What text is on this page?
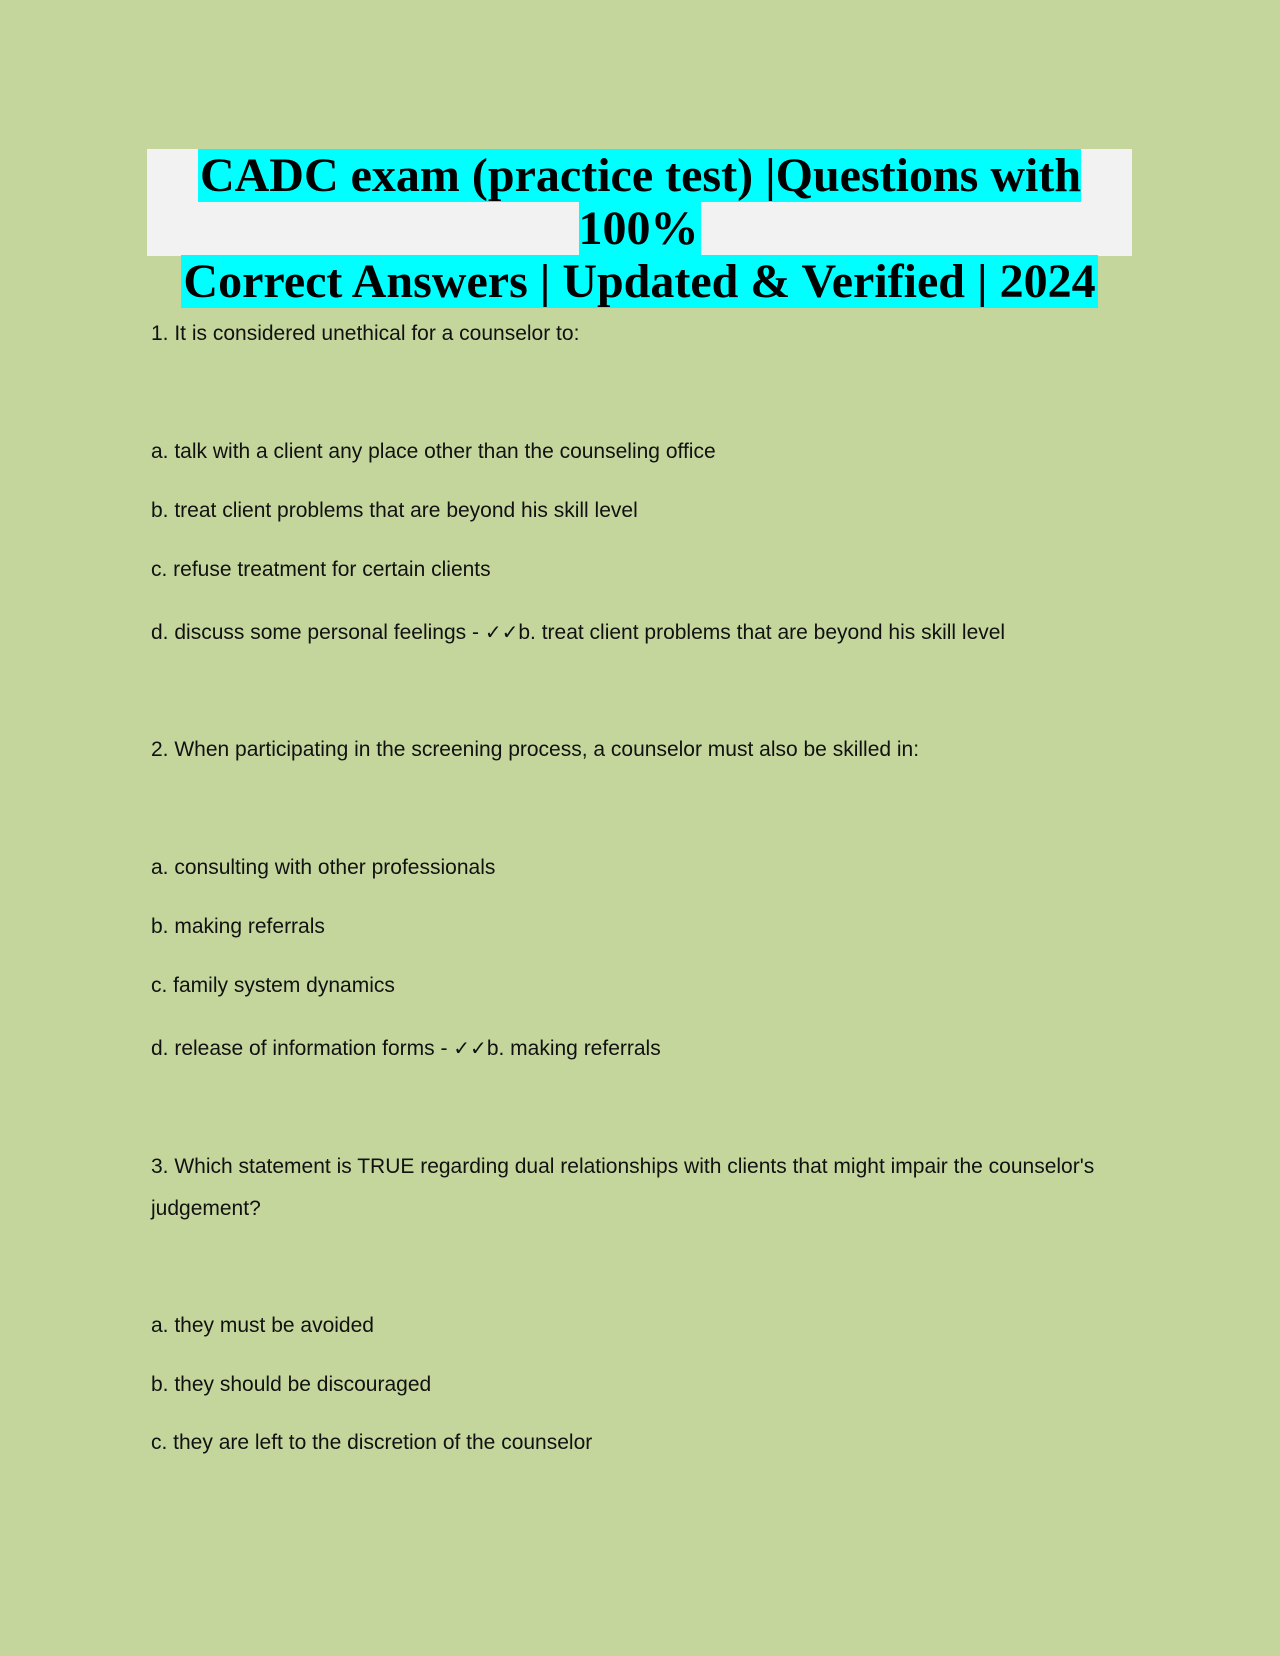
CADC exam (practice test) |Questions with 100%
Correct Answers | Updated & Verified | 2024

1. It is considered unethical for a counselor to:

a. talk with a client any place other than the counseling office

b. treat client problems that are beyond his skill level

c. refuse treatment for certain clients

d. discuss some personal feelings - ✓✓b. treat client problems that are beyond his skill level

2. When participating in the screening process, a counselor must also be skilled in:

a. consulting with other professionals

b. making referrals

c. family system dynamics

d. release of information forms - ✓✓b. making referrals

3. Which statement is TRUE regarding dual relationships with clients that might impair the counselor's

judgement?

a. they must be avoided

b. they should be discouraged

c. they are left to the discretion of the counselor
